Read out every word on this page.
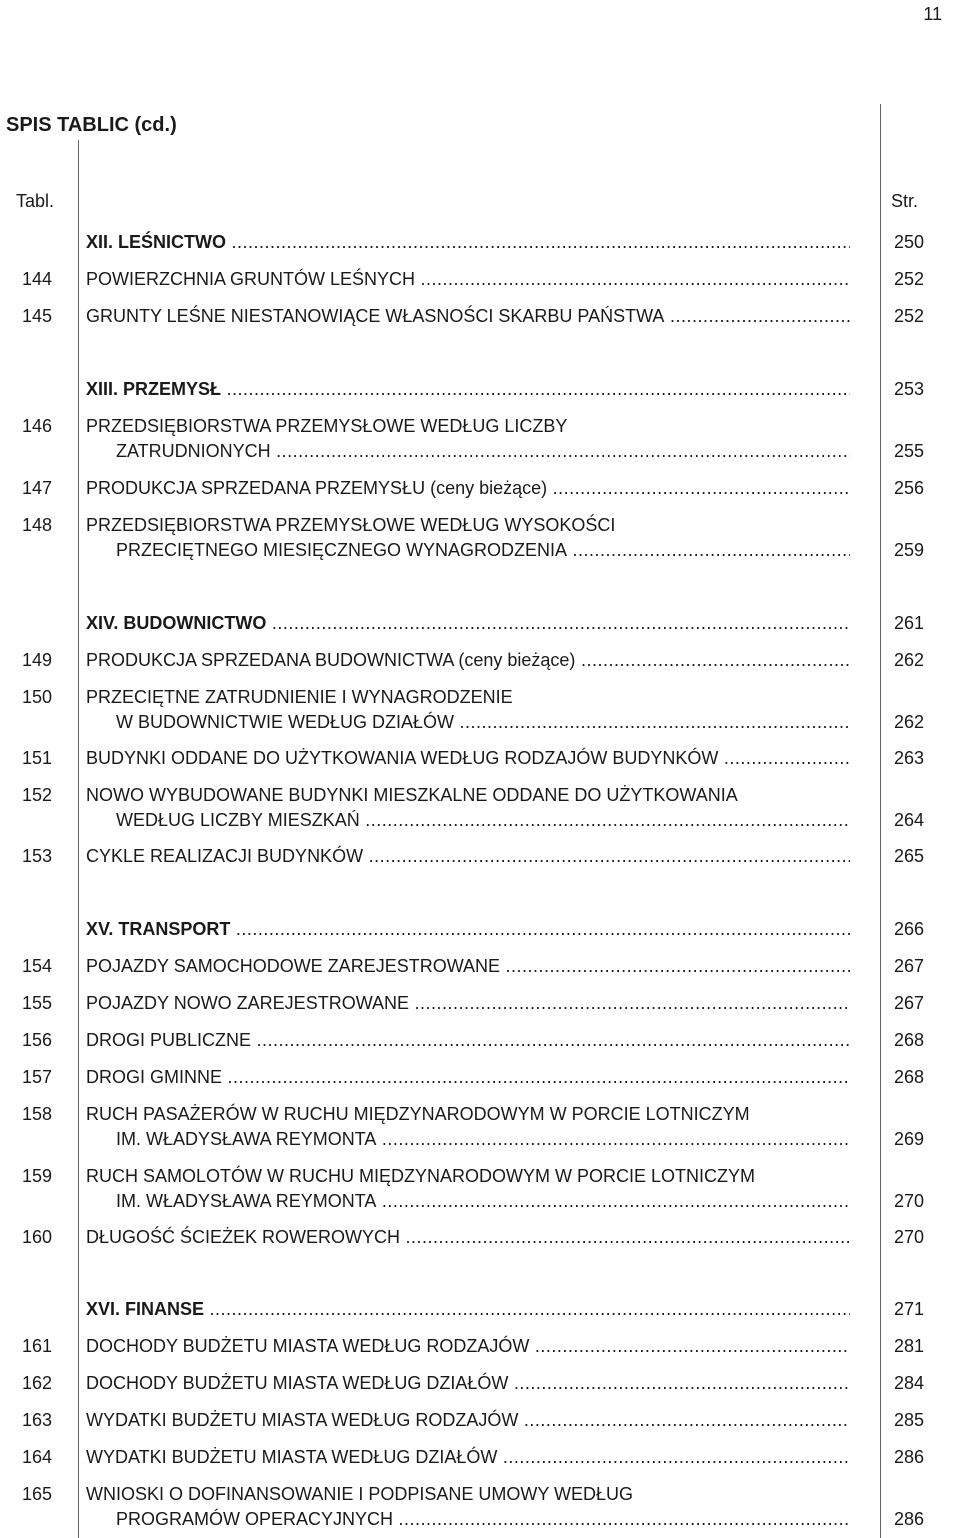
11
SPIS TABLIC (cd.)
Tabl.	Str.
XII. LEŚNICTWO .....	250
144 POWIERZCHNIA GRUNTÓW LEŚNYCH .....	252
145 GRUNTY LEŚNE NIESTANOWIĄCE WŁASNOŚCI SKARBU PAŃSTWA .....	252
XIII. PRZEMYSŁ .....	253
146 PRZEDSIĘBIORSTWA PRZEMYSŁOWE WEDŁUG LICZBY
ZATRUDNIONYCH .....	255
147 PRODUKCJA SPRZEDANA PRZEMYSŁU (ceny bieżące) .....	256
148 PRZEDSIĘBIORSTWA PRZEMYSŁOWE WEDŁUG WYSOKOŚCI
PRZECIĘTNEGO MIESIĘCZNEGO WYNAGRODZENIA .....	259
XIV. BUDOWNICTWO .....	261
149 PRODUKCJA SPRZEDANA BUDOWNICTWA (ceny bieżące) .....	262
150 PRZECIĘTNE ZATRUDNIENIE I WYNAGRODZENIE
W BUDOWNICTWIE WEDŁUG DZIAŁÓW .....	262
151 BUDYNKI ODDANE DO UŻYTKOWANIA WEDŁUG RODZAJÓW BUDYNKÓW .....	263
152 NOWO WYBUDOWANE BUDYNKI MIESZKALNE ODDANE DO UŻYTKOWANIA
WEDŁUG LICZBY MIESZKAŃ .....	264
153 CYKLE REALIZACJI BUDYNKÓW .....	265
XV. TRANSPORT .....	266
154 POJAZDY SAMOCHODOWE ZAREJESTROWANE .....	267
155 POJAZDY NOWO ZAREJESTROWANE .....	267
156 DROGI PUBLICZNE .....	268
157 DROGI GMINNE .....	268
158 RUCH PASAŻERÓW W RUCHU MIĘDZYNARODOWYM W PORCIE LOTNICZYM
IM. WŁADYSŁAWA REYMONTA .....	269
159 RUCH SAMOLOTÓW W RUCHU MIĘDZYNARODOWYM W PORCIE LOTNICZYM
IM. WŁADYSŁAWA REYMONTA .....	270
160 DŁUGOŚĆ ŚCIEŻEK ROWEROWYCH .....	270
XVI. FINANSE .....	271
161 DOCHODY BUDŻETU MIASTA WEDŁUG RODZAJÓW .....	281
162 DOCHODY BUDŻETU MIASTA WEDŁUG DZIAŁÓW .....	284
163 WYDATKI BUDŻETU MIASTA WEDŁUG RODZAJÓW .....	285
164 WYDATKI BUDŻETU MIASTA WEDŁUG DZIAŁÓW .....	286
165 WNIOSKI O DOFINANSOWANIE I PODPISANE UMOWY WEDŁUG
PROGRAMÓW OPERACYJNYCH .....	286
